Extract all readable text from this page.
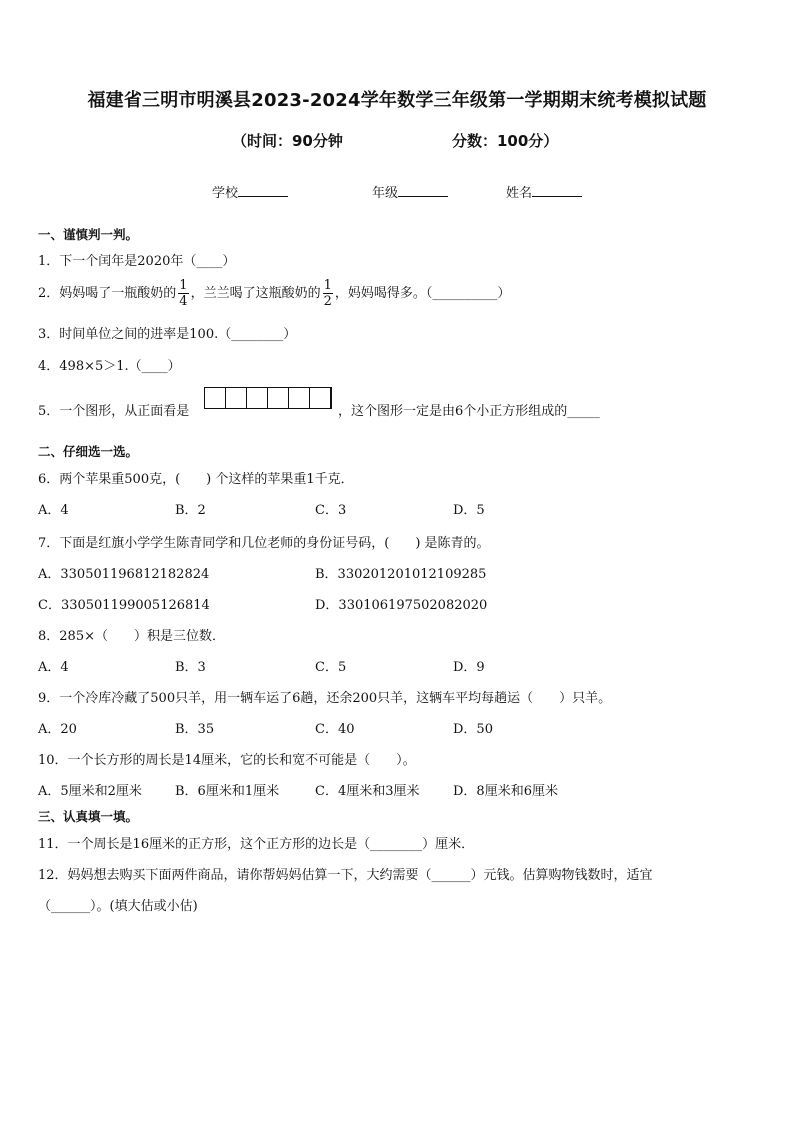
福建省三明市明溪县2023-2024学年数学三年级第一学期期末统考模拟试题
（时间：90分钟	分数：100分）
学校	年级	姓名
一、谨慎判一判。
1．下一个闰年是2020年（____）
2．妈妈喝了一瓶酸奶的 $\frac{1}{4}$ ，兰兰喝了这瓶酸奶的 $\frac{1}{2}$ ，妈妈喝得多。（__________）
3．时间单位之间的进率是100.（________）
4．498×5＞1.（____）
5．一个图形，从正面看是	，这个图形一定是由6个小正方形组成的_____
二、仔细选一选。
6．两个苹果重500克，(　　) 个这样的苹果重1千克．
A．4	B．2	C．3	D．5
7．下面是红旗小学学生陈青同学和几位老师的身份证号码，(　　) 是陈青的。
A．330501196812182824	B．330201201012109285
C．330501199005126814	D．330106197502082020
8．285×（　　）积是三位数．
A．4	B．3	C．5	D．9
9．一个冷库冷藏了500只羊，用一辆车运了6趟，还余200只羊，这辆车平均每趟运（　　）只羊。
A．20	B．35	C．40	D．50
10．一个长方形的周长是14厘米，它的长和宽不可能是（　　）。
A．5厘米和2厘米	B．6厘米和1厘米	C．4厘米和3厘米	D．8厘米和6厘米
三、认真填一填。
11．一个周长是16厘米的正方形，这个正方形的边长是（________）厘米．
12．妈妈想去购买下面两件商品，请你帮妈妈估算一下，大约需要（______）元钱。估算购物钱数时，适宜
（______）。(填大估或小估)
